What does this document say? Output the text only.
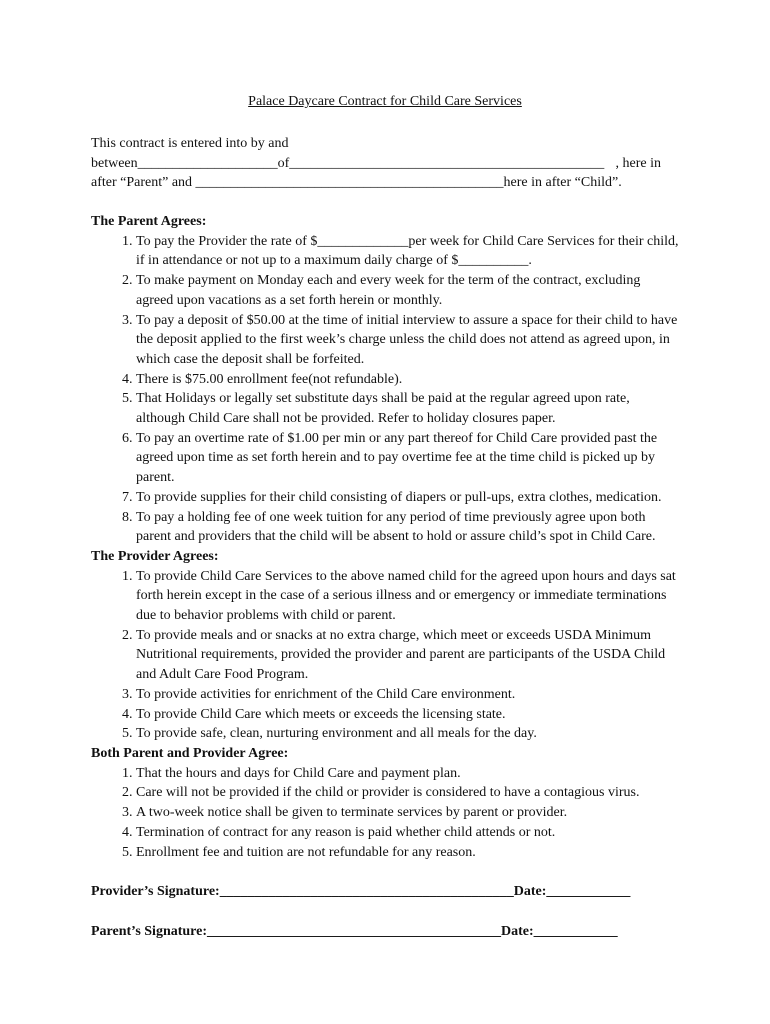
Palace Daycare Contract for Child Care Services
This contract is entered into by and
between____________________of_____________________________________________ , here in
after “Parent” and ____________________________________________here in after “Child”.
The Parent Agrees:
1. To pay the Provider the rate of $_____________per week for Child Care Services for their child, if in attendance or not up to a maximum daily charge of $__________.
2. To make payment on Monday each and every week for the term of the contract, excluding agreed upon vacations as a set forth herein or monthly.
3. To pay a deposit of $50.00 at the time of initial interview to assure a space for their child to have the deposit applied to the first week’s charge unless the child does not attend as agreed upon, in which case the deposit shall be forfeited.
4. There is $75.00 enrollment fee(not refundable).
5. That Holidays or legally set substitute days shall be paid at the regular agreed upon rate, although Child Care shall not be provided. Refer to holiday closures paper.
6. To pay an overtime rate of $1.00 per min or any part thereof for Child Care provided past the agreed upon time as set forth herein and to pay overtime fee at the time child is picked up by parent.
7. To provide supplies for their child consisting of diapers or pull-ups, extra clothes, medication.
8. To pay a holding fee of one week tuition for any period of time previously agree upon both parent and providers that the child will be absent to hold or assure child’s spot in Child Care.
The Provider Agrees:
1. To provide Child Care Services to the above named child for the agreed upon hours and days sat forth herein except in the case of a serious illness and or emergency or immediate terminations due to behavior problems with child or parent.
2. To provide meals and or snacks at no extra charge, which meet or exceeds USDA Minimum Nutritional requirements, provided the provider and parent are participants of the USDA Child and Adult Care Food Program.
3. To provide activities for enrichment of the Child Care environment.
4. To provide Child Care which meets or exceeds the licensing state.
5. To provide safe, clean, nurturing environment and all meals for the day.
Both Parent and Provider Agree:
1. That the hours and days for Child Care and payment plan.
2. Care will not be provided if the child or provider is considered to have a contagious virus.
3. A two-week notice shall be given to terminate services by parent or provider.
4. Termination of contract for any reason is paid whether child attends or not.
5. Enrollment fee and tuition are not refundable for any reason.
Provider’s Signature:__________________________________________Date:____________
Parent’s Signature:__________________________________________Date:____________
